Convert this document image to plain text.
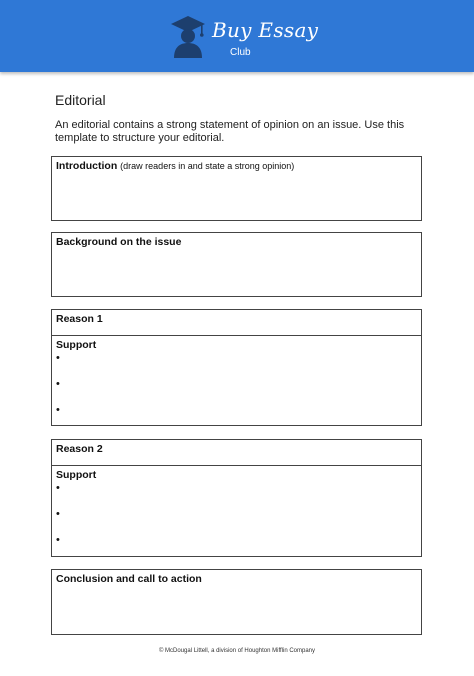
Buy Essay
Club
Editorial
An editorial contains a strong statement of opinion on an issue. Use this
template to structure your editorial.
Introduction (draw readers in and state a strong opinion)
Background on the issue
Reason 1
Support
•
•
•
Reason 2
Support
•
•
•
Conclusion and call to action
© McDougal Littell, a division of Houghton Mifflin Company
